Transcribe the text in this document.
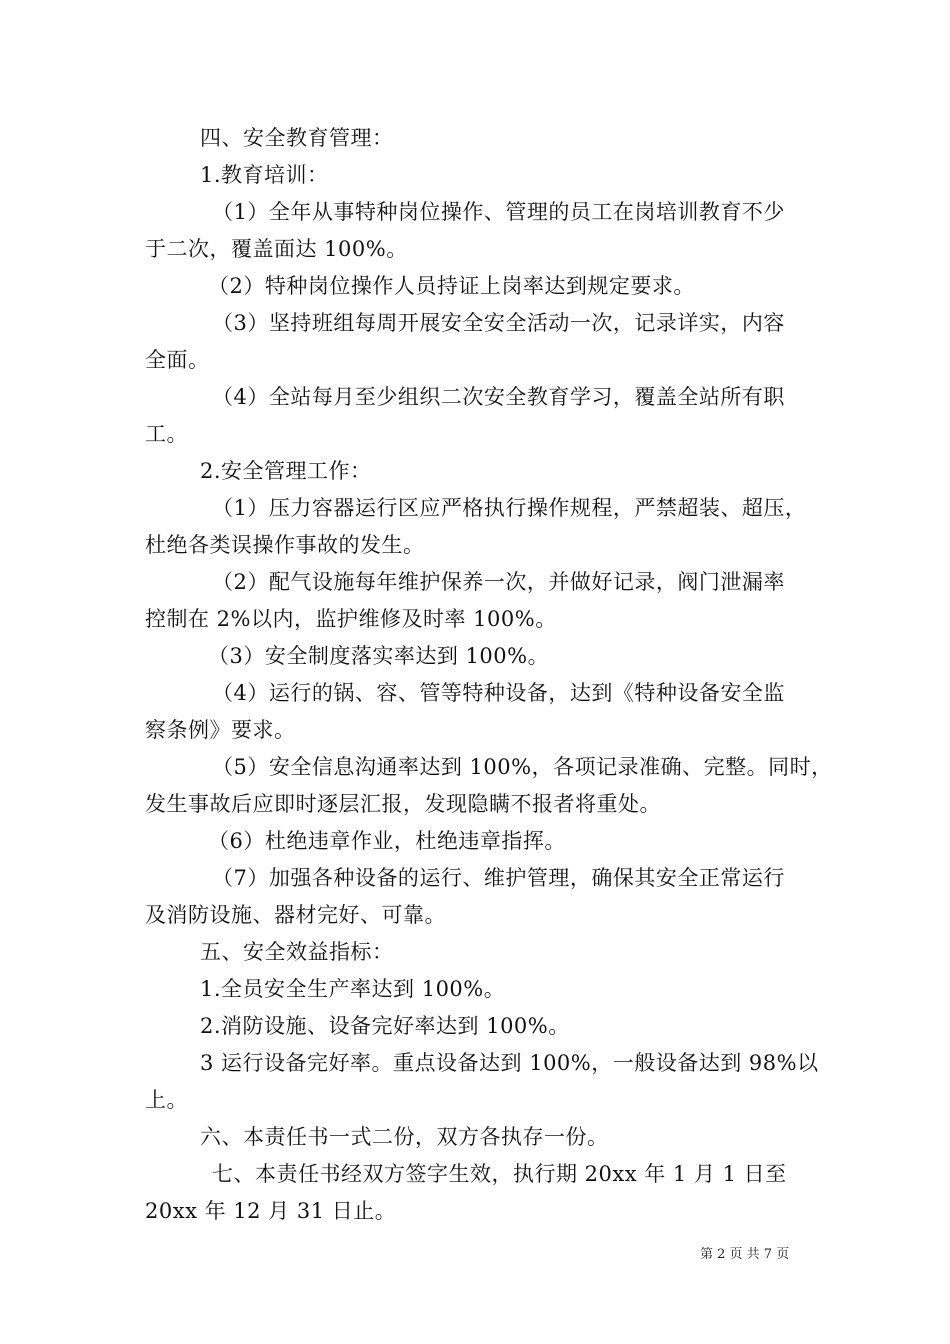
四、安全教育管理：
1.教育培训：
（1）全年从事特种岗位操作、管理的员工在岗培训教育不少
于二次，覆盖面达 100%。
（2）特种岗位操作人员持证上岗率达到规定要求。
（3）坚持班组每周开展安全安全活动一次，记录详实，内容
全面。
（4）全站每月至少组织二次安全教育学习，覆盖全站所有职
工。
2.安全管理工作：
（1）压力容器运行区应严格执行操作规程，严禁超装、超压，
杜绝各类误操作事故的发生。
（2）配气设施每年维护保养一次，并做好记录，阀门泄漏率
控制在 2%以内，监护维修及时率 100%。
（3）安全制度落实率达到 100%。
（4）运行的锅、容、管等特种设备，达到《特种设备安全监
察条例》要求。
（5）安全信息沟通率达到 100%，各项记录准确、完整。同时，
发生事故后应即时逐层汇报，发现隐瞒不报者将重处。
（6）杜绝违章作业，杜绝违章指挥。
（7）加强各种设备的运行、维护管理，确保其安全正常运行
及消防设施、器材完好、可靠。
五、安全效益指标：
1.全员安全生产率达到 100%。
2.消防设施、设备完好率达到 100%。
3 运行设备完好率。重点设备达到 100%，一般设备达到 98%以
上。
六、本责任书一式二份，双方各执存一份。
七、本责任书经双方签字生效，执行期 20xx 年 1 月 1 日至
20xx 年 12 月 31 日止。
第 2 页 共 7 页
